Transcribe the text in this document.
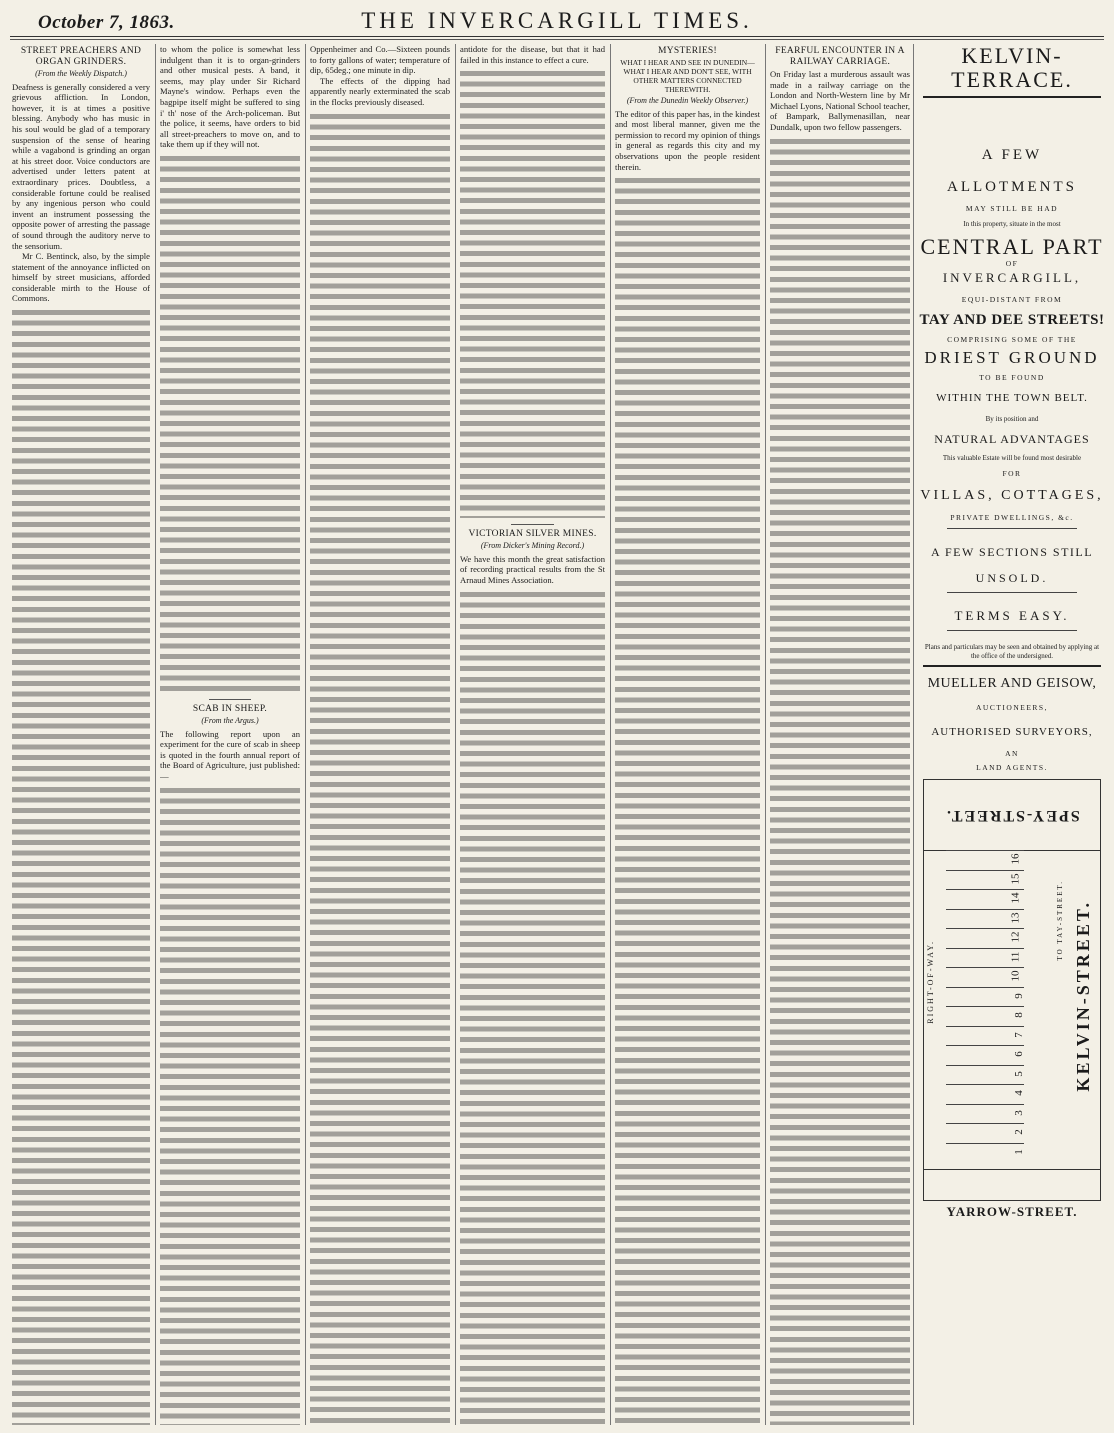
October 7, 1863.	THE INVERCARGILL TIMES.
STREET PREACHERS AND ORGAN GRINDERS.
(From the Weekly Dispatch.)

Deafness is generally considered a very grievous affliction. In London, however, it is at times a positive blessing. Anybody who has music in his soul would be glad of a temporary suspension of the sense of hearing while a vagabond is grinding an organ at his street door. Voice conductors are advertised under letters patent at extraordinary prices. Doubtless, a considerable fortune could be realised by any ingenious person who could invent an instrument possessing the opposite power of arresting the passage of sound through the auditory nerve to the sensorium.

Mr C. Bentinck, also, by the simple statement of the annoyance inflicted on himself by street musicians, afforded considerable mirth to the House of Commons.

to whom the police is somewhat less indulgent than it is to organ-grinders and other musical pests. A band, it seems, may play under Sir Richard Mayne's window. Perhaps even the bagpipe itself might be suffered to sing i' th' nose of the Arch-policeman. But the police, it seems, have orders to bid all street-preachers to move on, and to take them up if they will not.

SCAB IN SHEEP.
(From the Argus.)

The following report upon an experiment for the cure of scab in sheep is quoted in the fourth annual report of the Board of Agriculture, just published:—

Oppenheimer and Co.—Sixteen pounds to forty gallons of water; temperature of dip, 65deg.; one minute in dip.

The effects of the dipping had apparently nearly exterminated the scab in the flocks previously diseased.

antidote for the disease, but that it had failed in this instance to effect a cure.

VICTORIAN SILVER MINES.
(From Dicker's Mining Record.)

We have this month the great satisfaction of recording practical results from the St Arnaud Mines Association.

MYSTERIES!
WHAT I HEAR AND SEE IN DUNEDIN—WHAT I HEAR AND DON'T SEE, WITH OTHER MATTERS CONNECTED THEREWITH.
(From the Dunedin Weekly Observer.)

The editor of this paper has, in the kindest and most liberal manner, given me the permission to record my opinion of things in general as regards this city and my observations upon the people resident therein.

FEARFUL ENCOUNTER IN A RAILWAY CARRIAGE.

On Friday last a murderous assault was made in a railway carriage on the London and North-Western line by Mr Michael Lyons, National School teacher, of Bampark, Ballymenasillan, near Dundalk, upon two fellow passengers.

KELVIN-TERRACE.
A FEW
ALLOTMENTS
MAY STILL BE HAD
In this property, situate in the most
CENTRAL PART
OF
INVERCARGILL,
EQUI-DISTANT FROM
TAY AND DEE STREETS!
COMPRISING SOME OF THE
DRIEST GROUND
TO BE FOUND
WITHIN THE TOWN BELT.
By its position and
NATURAL ADVANTAGES
This valuable Estate will be found most desirable
FOR
VILLAS, COTTAGES,
PRIVATE DWELLINGS, &c.
A FEW SECTIONS STILL
UNSOLD.
TERMS EASY.
Plans and particulars may be seen and obtained by applying at the office of the undersigned.
MUELLER AND GEISOW,
AUCTIONEERS,
AUTHORISED SURVEYORS,
AN
LAND AGENTS.
SPEY-STREET.
RIGHT-OF-WAY.
TO TAY-STREET. KELVIN-STREET.
1
2
3
4
5
6
7
8
9
10
11
12
13
14
15
16
YARROW-STREET.
